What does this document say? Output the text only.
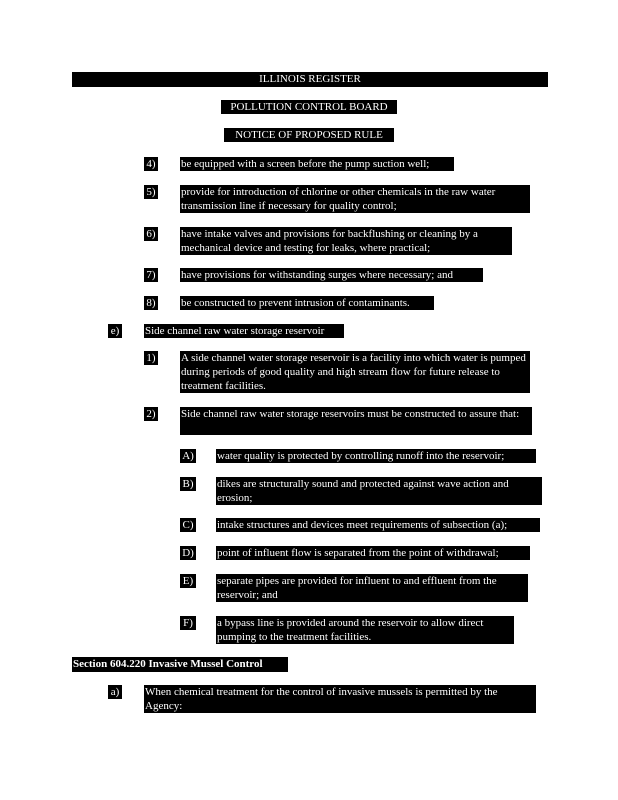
ILLINOIS REGISTER
POLLUTION CONTROL BOARD
NOTICE OF PROPOSED RULE
4) be equipped with a screen before the pump suction well;
5) provide for introduction of chlorine or other chemicals in the raw water transmission line if necessary for quality control;
6) have intake valves and provisions for backflushing or cleaning by a mechanical device and testing for leaks, where practical;
7) have provisions for withstanding surges where necessary; and
8) be constructed to prevent intrusion of contaminants.
e) Side channel raw water storage reservoir
1) A side channel water storage reservoir is a facility into which water is pumped during periods of good quality and high stream flow for future release to treatment facilities.
2) Side channel raw water storage reservoirs must be constructed to assure that:
A) water quality is protected by controlling runoff into the reservoir;
B) dikes are structurally sound and protected against wave action and erosion;
C) intake structures and devices meet requirements of subsection (a);
D) point of influent flow is separated from the point of withdrawal;
E) separate pipes are provided for influent to and effluent from the reservoir; and
F) a bypass line is provided around the reservoir to allow direct pumping to the treatment facilities.
Section 604.220 Invasive Mussel Control
a) When chemical treatment for the control of invasive mussels is permitted by the Agency:
